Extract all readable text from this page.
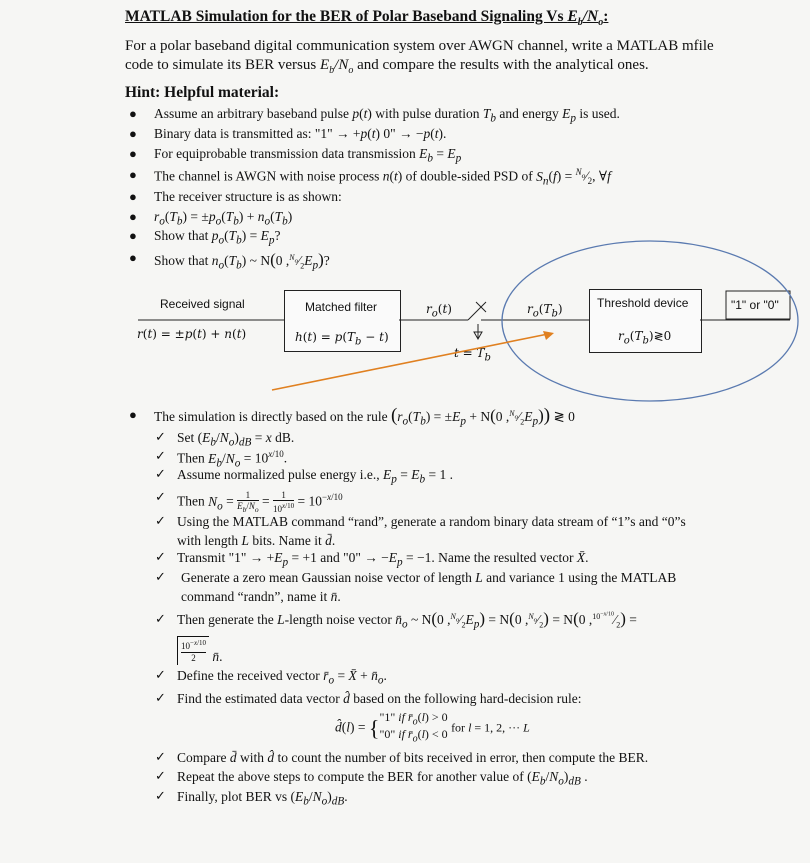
MATLAB Simulation for the BER of Polar Baseband Signaling Vs $E_b/N_o$:
For a polar baseband digital communication system over AWGN channel, write a MATLAB mfile
code to simulate its BER versus $E_b/N_o$ and compare the results with the analytical ones.
Hint: Helpful material:
● Assume an arbitrary baseband pulse p(t) with pulse duration $T_b$ and energy $E_p$ is used.
● Binary data is transmitted as: "1" → +p(t) 0" → −p(t).
● For equiprobable transmission data transmission $E_b = E_p$
● The channel is AWGN with noise process n(t) of double-sided PSD of $S_n(f)$ = $^{N_o}⁄_2$, ∀f
● The receiver structure is as shown:
● $r_o(T_b) = \pm p_o(T_b) + n_o(T_b)$
● Show that $p_o(T_b) = E_p$?
● Show that $n_o(T_b)$ ~ N(0 $,^{N_o}⁄_2E_p$)?
Received signal
r(t) = ±p(t) + n(t)
Matched filter
$h(t) = p(T_b - t)$
$r_o(t)$
= $T_b$
$r_o(T_b)$	Threshold device
$r_o(T_b)≷0$
"1" or "0"
● The simulation is directly based on the rule ($r_o(T_b) = \pm E_p + N(0$ $,^{N_o}⁄_2E_p$)) ≷ 0
✓ Set $(E_b/N_o)_{dB} = x$ dB.
✓ Then $E_b/N_o = 10^{x/10}$.
✓ Assume normalized pulse energy i.e., $E_p = E_b = 1$ .
✓ Then $N_o = 1$
$E_b/N_o = 1$
$10^{x/10} = 10^{-x/10}$
✓ Using the MATLAB command “rand”, generate a random binary data stream of “1”s and “0”s
with length L bits. Name it d̄.
✓ Transmit "1" → $+E_p = +1$ and "0" → $-E_p = -1$. Name the resulted vector X̄.
✓ Generate a zero mean Gaussian noise vector of length L and variance 1 using the MATLAB
command “randn”, name it n̄.
✓ Then generate the L-length noise vector $n̄_o$ ~ N(0 $,^{N_o}⁄_2E_p) = N(0$ $,^{N_o}⁄_2) = N(0$ $,^{10^{-x/10}}⁄_2$) =
$10^{-x/10}$
2 n̄.
✓ Define the received vector $r̄_o$ = X̄ + $n̄_o$.
✓ Find the estimated data vector d̂ based on the following hard-decision rule:
d̂(l) = {"1" if $r̄_o(l) > 0$
"0" if $r̄_o(l) < 0$ for l = 1, 2, ··· L
✓ Compare d̄ with d̂ to count the number of bits received in error, then compute the BER.
✓ Repeat the above steps to compute the BER for another value of $(E_b/N_o)_{dB}$ .
✓ Finally, plot BER vs $(E_b/N_o)_{dB}$.
